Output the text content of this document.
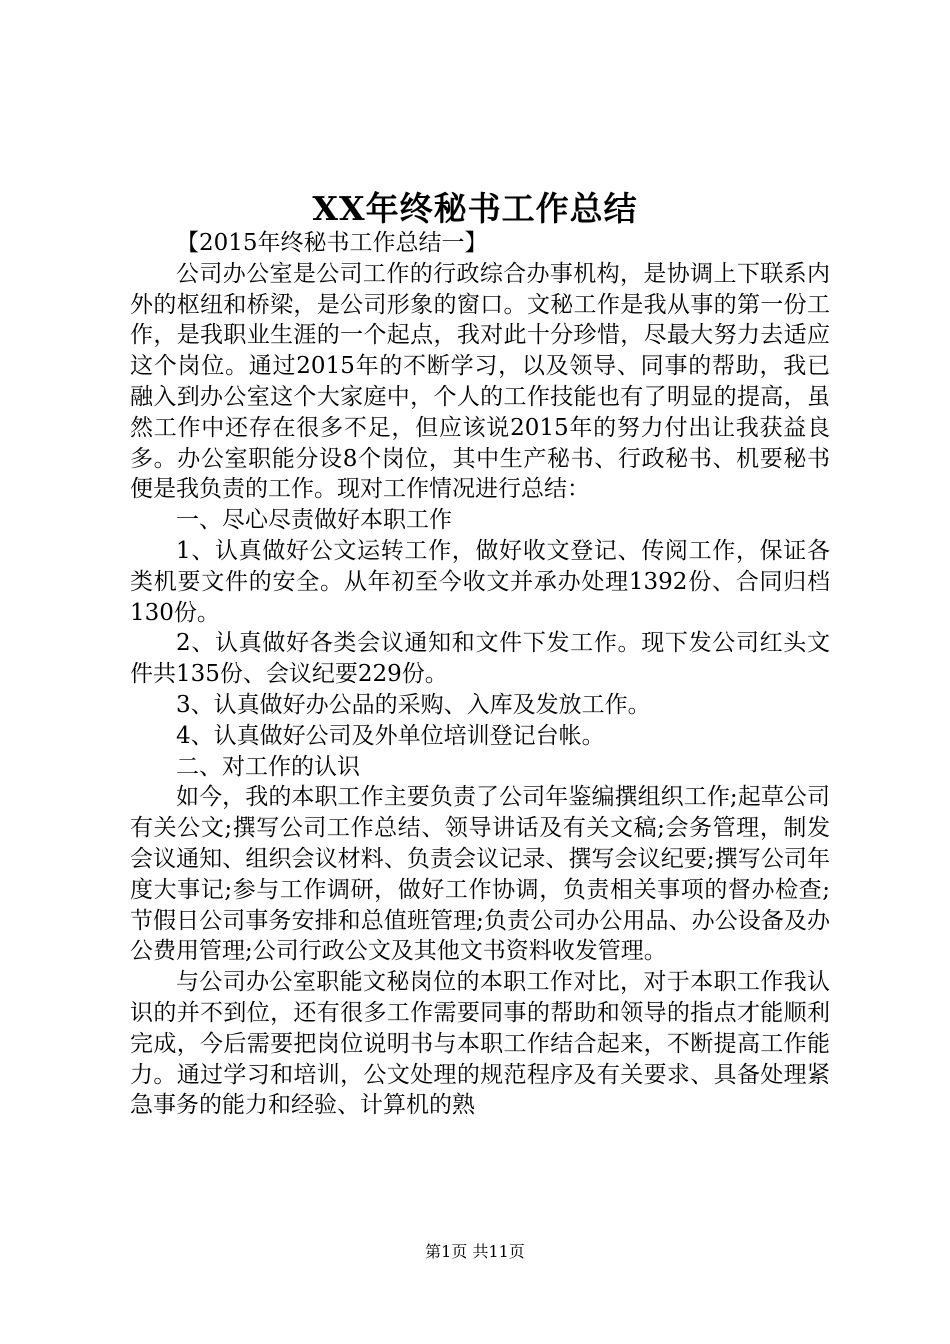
XX年终秘书工作总结

【2015年终秘书工作总结一】

公司办公室是公司工作的行政综合办事机构，是协调上下联系内外的枢纽和桥梁，是公司形象的窗口。文秘工作是我从事的第一份工作，是我职业生涯的一个起点，我对此十分珍惜，尽最大努力去适应这个岗位。通过2015年的不断学习，以及领导、同事的帮助，我已融入到办公室这个大家庭中，个人的工作技能也有了明显的提高，虽然工作中还存在很多不足，但应该说2015年的努力付出让我获益良多。办公室职能分设8个岗位，其中生产秘书、行政秘书、机要秘书便是我负责的工作。现对工作情况进行总结：

一、尽心尽责做好本职工作

1、认真做好公文运转工作，做好收文登记、传阅工作，保证各类机要文件的安全。从年初至今收文并承办处理1392份、合同归档130份。

2、认真做好各类会议通知和文件下发工作。现下发公司红头文件共135份、会议纪要229份。

3、认真做好办公品的采购、入库及发放工作。

4、认真做好公司及外单位培训登记台帐。

二、对工作的认识

如今，我的本职工作主要负责了公司年鉴编撰组织工作;起草公司有关公文;撰写公司工作总结、领导讲话及有关文稿;会务管理，制发会议通知、组织会议材料、负责会议记录、撰写会议纪要;撰写公司年度大事记;参与工作调研，做好工作协调，负责相关事项的督办检查;节假日公司事务安排和总值班管理;负责公司办公用品、办公设备及办公费用管理;公司行政公文及其他文书资料收发管理。

与公司办公室职能文秘岗位的本职工作对比，对于本职工作我认识的并不到位，还有很多工作需要同事的帮助和领导的指点才能顺利完成，今后需要把岗位说明书与本职工作结合起来，不断提高工作能力。通过学习和培训，公文处理的规范程序及有关要求、具备处理紧急事务的能力和经验、计算机的熟

第1页 共11页
